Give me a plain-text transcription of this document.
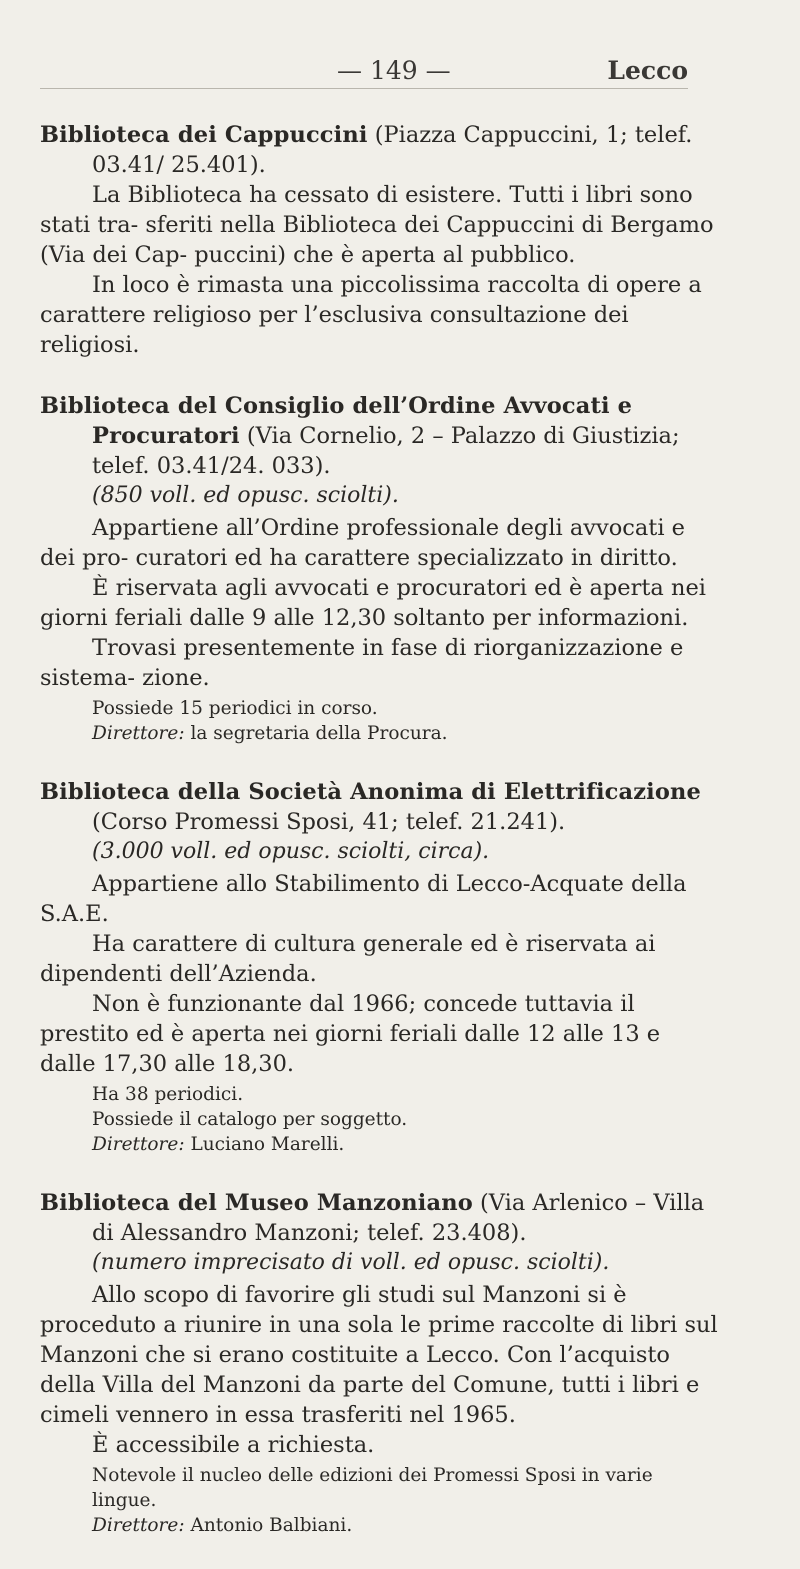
— 149 —	Lecco

Biblioteca dei Cappuccini (Piazza Cappuccini, 1; telef. 03.41/ 25.401).

La Biblioteca ha cessato di esistere. Tutti i libri sono stati tra- sferiti nella Biblioteca dei Cappuccini di Bergamo (Via dei Cap- puccini) che è aperta al pubblico.

In loco è rimasta una piccolissima raccolta di opere a carattere religioso per l’esclusiva consultazione dei religiosi.

Biblioteca del Consiglio dell’Ordine Avvocati e Procuratori (Via Cornelio, 2 – Palazzo di Giustizia; telef. 03.41/24. 033).

(850 voll. ed opusc. sciolti).

Appartiene all’Ordine professionale degli avvocati e dei pro- curatori ed ha carattere specializzato in diritto.

È riservata agli avvocati e procuratori ed è aperta nei giorni feriali dalle 9 alle 12,30 soltanto per informazioni.

Trovasi presentemente in fase di riorganizzazione e sistema- zione.

Possiede 15 periodici in corso.

Direttore: la segretaria della Procura.

Biblioteca della Società Anonima di Elettrificazione (Corso Promessi Sposi, 41; telef. 21.241).

(3.000 voll. ed opusc. sciolti, circa).

Appartiene allo Stabilimento di Lecco-Acquate della S.A.E.

Ha carattere di cultura generale ed è riservata ai dipendenti dell’Azienda.

Non è funzionante dal 1966; concede tuttavia il prestito ed è aperta nei giorni feriali dalle 12 alle 13 e dalle 17,30 alle 18,30.

Ha 38 periodici.

Possiede il catalogo per soggetto.

Direttore: Luciano Marelli.

Biblioteca del Museo Manzoniano (Via Arlenico – Villa di Alessandro Manzoni; telef. 23.408).

(numero imprecisato di voll. ed opusc. sciolti).

Allo scopo di favorire gli studi sul Manzoni si è proceduto a riunire in una sola le prime raccolte di libri sul Manzoni che si erano costituite a Lecco. Con l’acquisto della Villa del Manzoni da parte del Comune, tutti i libri e cimeli vennero in essa trasferiti nel 1965.

È accessibile a richiesta.

Notevole il nucleo delle edizioni dei Promessi Sposi in varie lingue.

Direttore: Antonio Balbiani.
